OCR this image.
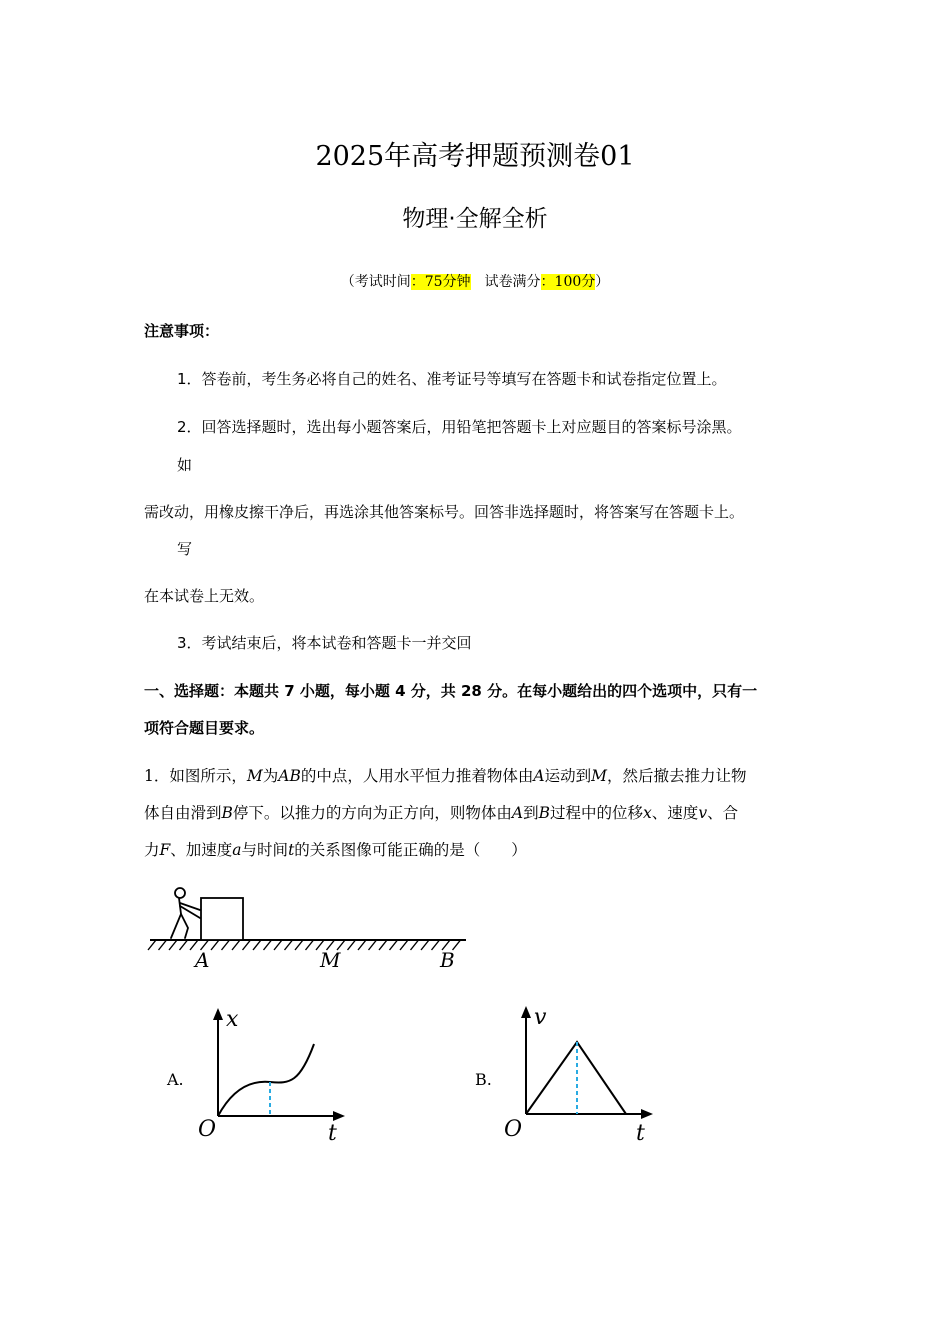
2025年高考押题预测卷01
物理·全解全析
（考试时间：75分钟　试卷满分：100分）
注意事项：
1．答卷前，考生务必将自己的姓名、准考证号等填写在答题卡和试卷指定位置上。
2．回答选择题时，选出每小题答案后，用铅笔把答题卡上对应题目的答案标号涂黑。
如
需改动，用橡皮擦干净后，再选涂其他答案标号。回答非选择题时，将答案写在答题卡上。
写
在本试卷上无效。
3．考试结束后，将本试卷和答题卡一并交回
一、选择题：本题共 7 小题，每小题 4 分，共 28 分。在每小题给出的四个选项中，只有一
项符合题目要求。
1．如图所示，M为AB的中点，人用水平恒力推着物体由A运动到M，然后撤去推力让物
体自由滑到B停下。以推力的方向为正方向，则物体由A到B过程中的位移x、速度v、合
力F、加速度a与时间t的关系图像可能正确的是（　　）
A	M	B
A.
x
t
O
B.
v
t
O
